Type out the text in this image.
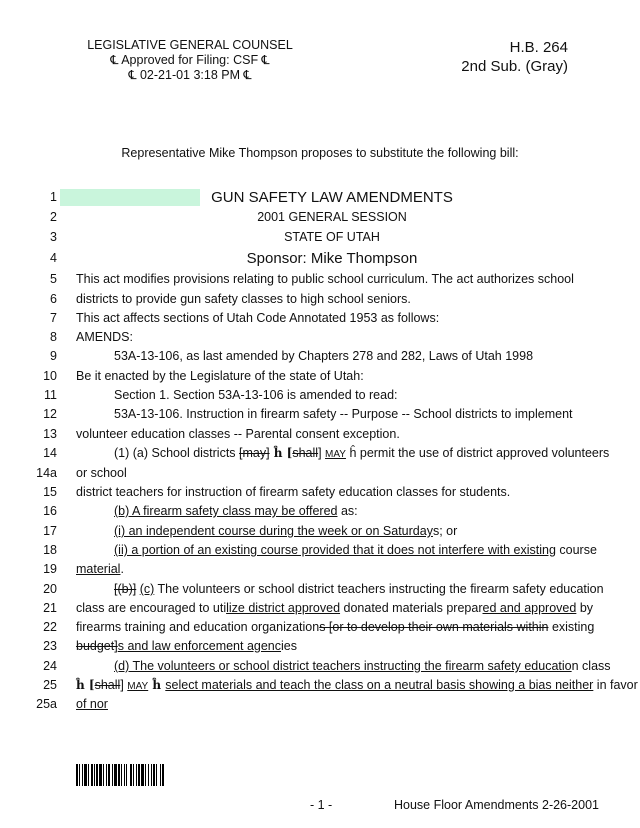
LEGISLATIVE GENERAL COUNSEL
℄ Approved for Filing: CSF ℄
℄ 02-21-01 3:18 PM ℄
H.B. 264
2nd Sub. (Gray)
Representative Mike Thompson proposes to substitute the following bill:
1	GUN SAFETY LAW AMENDMENTS
2	2001 GENERAL SESSION
3	STATE OF UTAH
4	Sponsor: Mike Thompson
5 This act modifies provisions relating to public school curriculum. The act authorizes school
6 districts to provide gun safety classes to high school seniors.
7 This act affects sections of Utah Code Annotated 1953 as follows:
8 AMENDS:
9	53A-13-106, as last amended by Chapters 278 and 282, Laws of Utah 1998
10 Be it enacted by the Legislature of the state of Utah:
11	Section 1. Section 53A-13-106 is amended to read:
12	53A-13-106. Instruction in firearm safety -- Purpose -- School districts to implement
13 volunteer education classes -- Parental consent exception.
14	(1) (a) School districts [may] ĥ [shall] MAY ĥ permit the use of district approved volunteers
14a or school
15 district teachers for instruction of firearm safety education classes for students.
16	(b) A firearm safety class may be offered as:
17	(i) an independent course during the week or on Saturdays; or
18	(ii) a portion of an existing course provided that it does not interfere with existing course
19 material.
20	[(b)] (c) The volunteers or school district teachers instructing the firearm safety education
21 class are encouraged to utilize district approved donated materials prepared and approved by
22 firearms training and education organizations [or to develop their own materials within existing
23 budget]s and law enforcement agencies
24	(d) The volunteers or school district teachers instructing the firearm safety education class
25 ĥ [shall] MAY ĥ select materials and teach the class on a neutral basis showing a bias neither in favor
25a of nor
- 1 -	House Floor Amendments 2-26-2001
